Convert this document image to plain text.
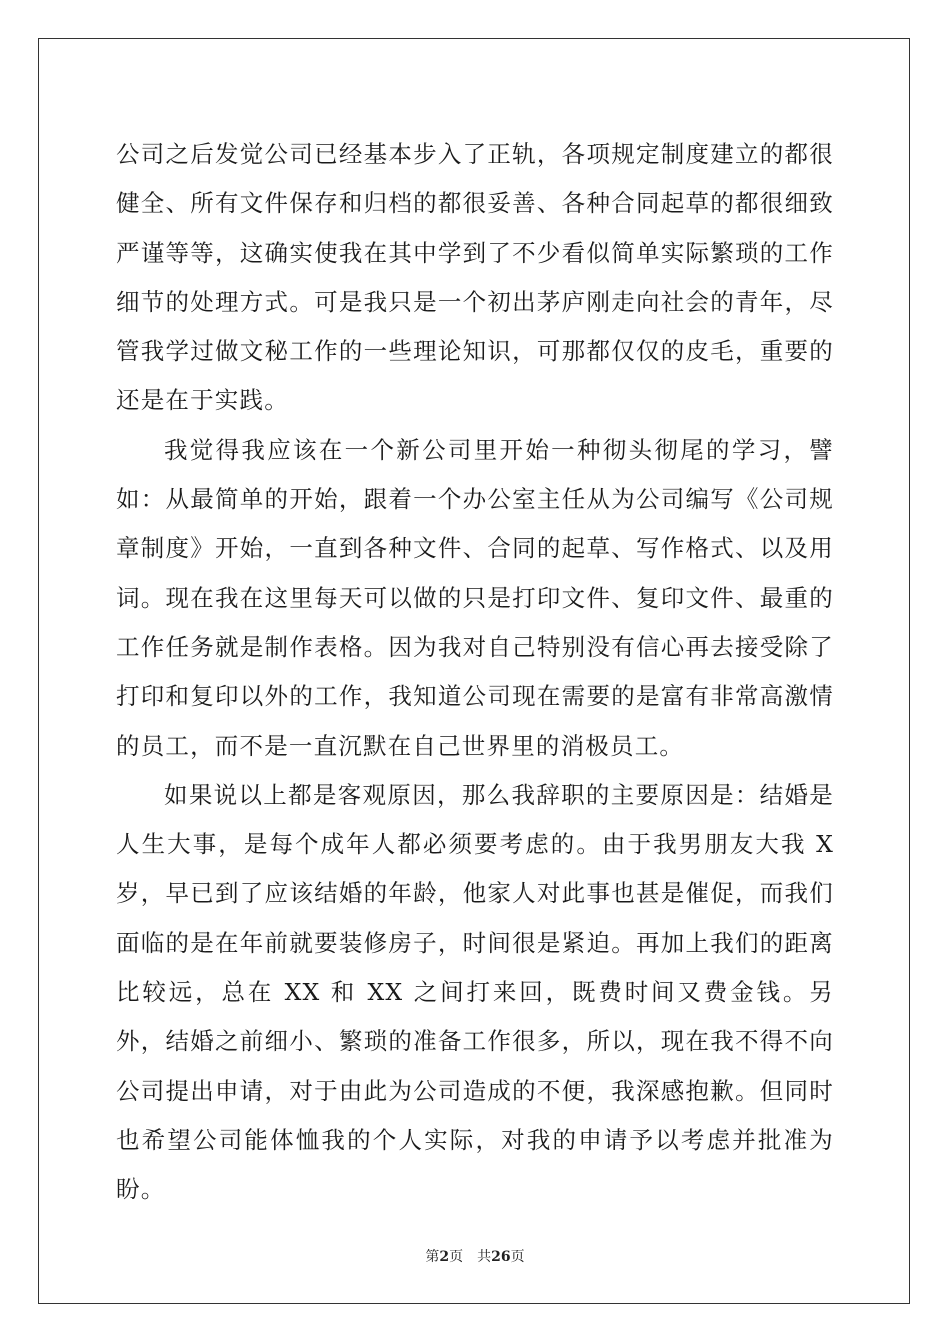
公司之后发觉公司已经基本步入了正轨，各项规定制度建立的都很健全、所有文件保存和归档的都很妥善、各种合同起草的都很细致严谨等等，这确实使我在其中学到了不少看似简单实际繁琐的工作细节的处理方式。可是我只是一个初出茅庐刚走向社会的青年，尽管我学过做文秘工作的一些理论知识，可那都仅仅的皮毛，重要的还是在于实践。

我觉得我应该在一个新公司里开始一种彻头彻尾的学习，譬如：从最简单的开始，跟着一个办公室主任从为公司编写《公司规章制度》开始，一直到各种文件、合同的起草、写作格式、以及用词。现在我在这里每天可以做的只是打印文件、复印文件、最重的工作任务就是制作表格。因为我对自己特别没有信心再去接受除了打印和复印以外的工作，我知道公司现在需要的是富有非常高激情的员工，而不是一直沉默在自己世界里的消极员工。

如果说以上都是客观原因，那么我辞职的主要原因是：结婚是人生大事，是每个成年人都必须要考虑的。由于我男朋友大我 X 岁，早已到了应该结婚的年龄，他家人对此事也甚是催促，而我们面临的是在年前就要装修房子，时间很是紧迫。再加上我们的距离比较远，总在 XX 和 XX 之间打来回，既费时间又费金钱。另外，结婚之前细小、繁琐的准备工作很多，所以，现在我不得不向公司提出申请，对于由此为公司造成的不便，我深感抱歉。但同时也希望公司能体恤我的个人实际，对我的申请予以考虑并批准为盼。

第2页 共26页
